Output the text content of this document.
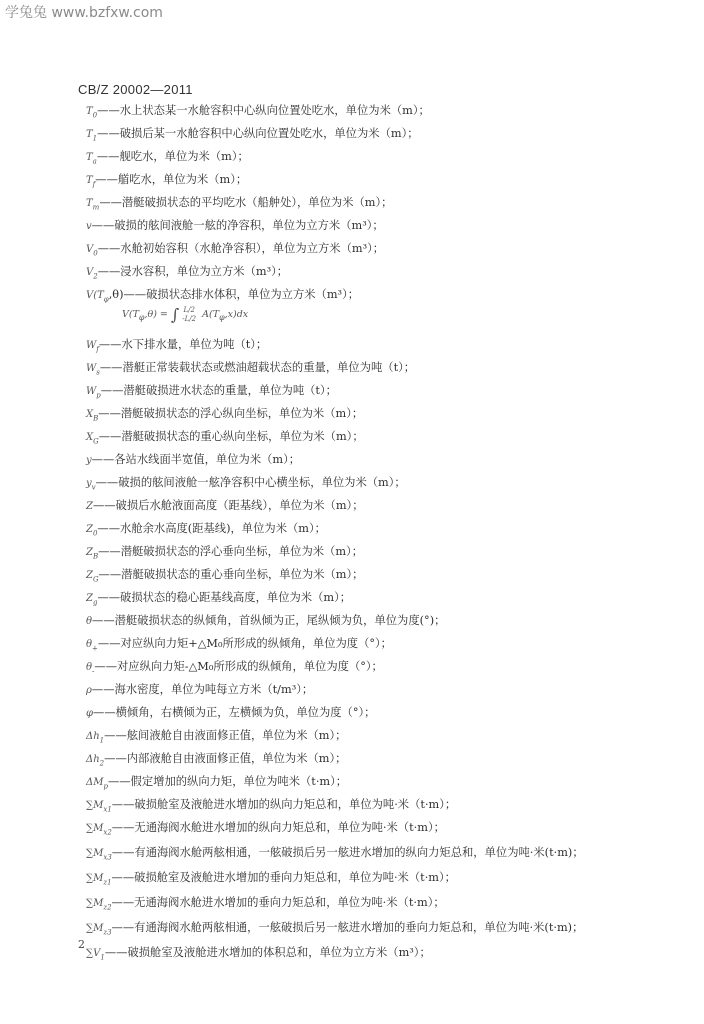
学兔兔 www.bzfxw.com
CB/Z 20002—2011
$T_0——$水上状态某一水舱容积中心纵向位置处吃水，单位为米（m）；
$T_1——$破损后某一水舱容积中心纵向位置处吃水，单位为米（m）；
$T_a——$舰吃水，单位为米（m）；
$T_f——$艏吃水，单位为米（m）；
$T_m——$潜艇破损状态的平均吃水（船舯处），单位为米（m）；
v——破损的舷间液舱一舷的净容积，单位为立方米（m³）；
$V_0——$水舱初始容积（水舱净容积），单位为立方米（m³）；
$V_2——$浸水容积，单位为立方米（m³）；
$V(T_\varphi,\theta)——$破损状态排水体积，单位为立方米（m³）；
$W_f——$水下排水量，单位为吨（t）；
$W_s——$潜艇正常装载状态或燃油超载状态的重量，单位为吨（t）；
$W_p——$潜艇破损进水状态的重量，单位为吨（t）；
$X_B——$潜艇破损状态的浮心纵向坐标，单位为米（m）；
$X_G——$潜艇破损状态的重心纵向坐标，单位为米（m）；
y——各站水线面半宽值，单位为米（m）；
$y_v——$破损的舷间液舱一舷净容积中心横坐标，单位为米（m）；
Z——破损后水舱液面高度（距基线），单位为米（m）；
$Z_0——$水舱余水高度(距基线)，单位为米（m）；
$Z_B——$潜艇破损状态的浮心垂向坐标，单位为米（m）；
$Z_G——$潜艇破损状态的重心垂向坐标，单位为米（m）；
$Z_g——$破损状态的稳心距基线高度，单位为米（m）；
θ——潜艇破损状态的纵倾角，首纵倾为正，尾纵倾为负，单位为度(°)；
$\theta_+——$对应纵向力矩+△M₀所形成的纵倾角，单位为度（°）；
$\theta_-——$对应纵向力矩-△M₀所形成的纵倾角，单位为度（°）；
ρ——海水密度，单位为吨每立方米（t/m³）；
φ——横倾角，右横倾为正，左横倾为负，单位为度（°）；
$\Delta h_1——$舷间液舱自由液面修正值，单位为米（m）；
$\Delta h_2——$内部液舱自由液面修正值，单位为米（m）；
$\Delta M_p——$假定增加的纵向力矩，单位为吨米（t·m）；
$\sum M_{x1}——$破损舱室及液舱进水增加的纵向力矩总和，单位为吨·米（t·m）；
$\sum M_{x2}——$无通海阀水舱进水增加的纵向力矩总和，单位为吨·米（t·m）；
$\sum M_{x3}——$有通海阀水舱两舷相通，一舷破损后另一舷进水增加的纵向力矩总和，单位为吨·米(t·m)；
$\sum M_{z1}——$破损舱室及液舱进水增加的垂向力矩总和，单位为吨·米（t·m）；
$\sum M_{z2}——$无通海阀水舱进水增加的垂向力矩总和，单位为吨·米（t·m）；
$\sum M_{z3}——$有通海阀水舱两舷相通，一舷破损后另一舷进水增加的垂向力矩总和，单位为吨·米(t·m)；
$\sum V_1——$破损舱室及液舱进水增加的体积总和，单位为立方米（m³）；
$V(T_\varphi,\theta)$ = ∫ L/2
-L/2 $A(T_\varphi,x)dx$
2
